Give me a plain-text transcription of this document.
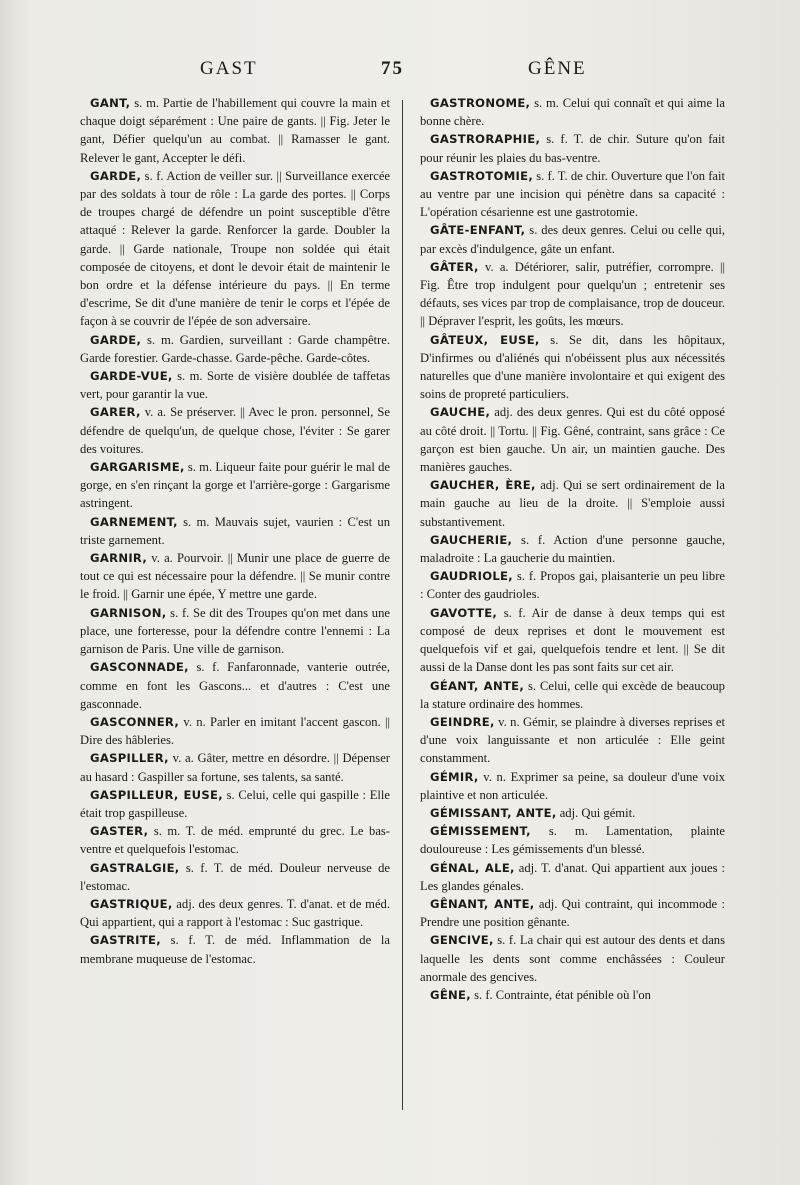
GAST	75	GÊNE

GANT, s. m. Partie de l'habillement qui couvre la main et chaque doigt séparément : Une paire de gants. || Fig. Jeter le gant, Défier quelqu'un au combat. || Ramasser le gant. Relever le gant, Accepter le défi.

GARDE, s. f. Action de veiller sur. || Surveillance exercée par des soldats à tour de rôle : La garde des portes. || Corps de troupes chargé de défendre un point susceptible d'être attaqué : Relever la garde. Renforcer la garde. Doubler la garde. || Garde nationale, Troupe non soldée qui était composée de citoyens, et dont le devoir était de maintenir le bon ordre et la défense intérieure du pays. || En terme d'escrime, Se dit d'une manière de tenir le corps et l'épée de façon à se couvrir de l'épée de son adversaire.

GARDE, s. m. Gardien, surveillant : Garde champêtre. Garde forestier. Garde-chasse. Garde-pêche. Garde-côtes.

GARDE-VUE, s. m. Sorte de visière doublée de taffetas vert, pour garantir la vue.

GARER, v. a. Se préserver. || Avec le pron. personnel, Se défendre de quelqu'un, de quelque chose, l'éviter : Se garer des voitures.

GARGARISME, s. m. Liqueur faite pour guérir le mal de gorge, en s'en rinçant la gorge et l'arrière-gorge : Gargarisme astringent.

GARNEMENT, s. m. Mauvais sujet, vaurien : C'est un triste garnement.

GARNIR, v. a. Pourvoir. || Munir une place de guerre de tout ce qui est nécessaire pour la défendre. || Se munir contre le froid. || Garnir une épée, Y mettre une garde.

GARNISON, s. f. Se dit des Troupes qu'on met dans une place, une forteresse, pour la défendre contre l'ennemi : La garnison de Paris. Une ville de garnison.

GASCONNADE, s. f. Fanfaronnade, vanterie outrée, comme en font les Gascons... et d'autres : C'est une gasconnade.

GASCONNER, v. n. Parler en imitant l'accent gascon. || Dire des hâbleries.

GASPILLER, v. a. Gâter, mettre en désordre. || Dépenser au hasard : Gaspiller sa fortune, ses talents, sa santé.

GASPILLEUR, EUSE, s. Celui, celle qui gaspille : Elle était trop gaspilleuse.

GASTER, s. m. T. de méd. emprunté du grec. Le bas-ventre et quelquefois l'estomac.

GASTRALGIE, s. f. T. de méd. Douleur nerveuse de l'estomac.

GASTRIQUE, adj. des deux genres. T. d'anat. et de méd. Qui appartient, qui a rapport à l'estomac : Suc gastrique.

GASTRITE, s. f. T. de méd. Inflammation de la membrane muqueuse de l'estomac.

GASTRONOME, s. m. Celui qui connaît et qui aime la bonne chère.

GASTRORAPHIE, s. f. T. de chir. Suture qu'on fait pour réunir les plaies du bas-ventre.

GASTROTOMIE, s. f. T. de chir. Ouverture que l'on fait au ventre par une incision qui pénètre dans sa capacité : L'opération césarienne est une gastrotomie.

GÂTE-ENFANT, s. des deux genres. Celui ou celle qui, par excès d'indulgence, gâte un enfant.

GÂTER, v. a. Détériorer, salir, putréfier, corrompre. || Fig. Être trop indulgent pour quelqu'un ; entretenir ses défauts, ses vices par trop de complaisance, trop de douceur. || Dépraver l'esprit, les goûts, les mœurs.

GÂTEUX, EUSE, s. Se dit, dans les hôpitaux, D'infirmes ou d'aliénés qui n'obéissent plus aux nécessités naturelles que d'une manière involontaire et qui exigent des soins de propreté particuliers.

GAUCHE, adj. des deux genres. Qui est du côté opposé au côté droit. || Tortu. || Fig. Gêné, contraint, sans grâce : Ce garçon est bien gauche. Un air, un maintien gauche. Des manières gauches.

GAUCHER, ÈRE, adj. Qui se sert ordinairement de la main gauche au lieu de la droite. || S'emploie aussi substantivement.

GAUCHERIE, s. f. Action d'une personne gauche, maladroite : La gaucherie du maintien.

GAUDRIOLE, s. f. Propos gai, plaisanterie un peu libre : Conter des gaudrioles.

GAVOTTE, s. f. Air de danse à deux temps qui est composé de deux reprises et dont le mouvement est quelquefois vif et gai, quelquefois tendre et lent. || Se dit aussi de la Danse dont les pas sont faits sur cet air.

GÉANT, ANTE, s. Celui, celle qui excède de beaucoup la stature ordinaire des hommes.

GEINDRE, v. n. Gémir, se plaindre à diverses reprises et d'une voix languissante et non articulée : Elle geint constamment.

GÉMIR, v. n. Exprimer sa peine, sa douleur d'une voix plaintive et non articulée.

GÉMISSANT, ANTE, adj. Qui gémit.

GÉMISSEMENT, s. m. Lamentation, plainte douloureuse : Les gémissements d'un blessé.

GÉNAL, ALE, adj. T. d'anat. Qui appartient aux joues : Les glandes génales.

GÊNANT, ANTE, adj. Qui contraint, qui incommode : Prendre une position gênante.

GENCIVE, s. f. La chair qui est autour des dents et dans laquelle les dents sont comme enchâssées : Couleur anormale des gencives.

GÊNE, s. f. Contrainte, état pénible où l'on
